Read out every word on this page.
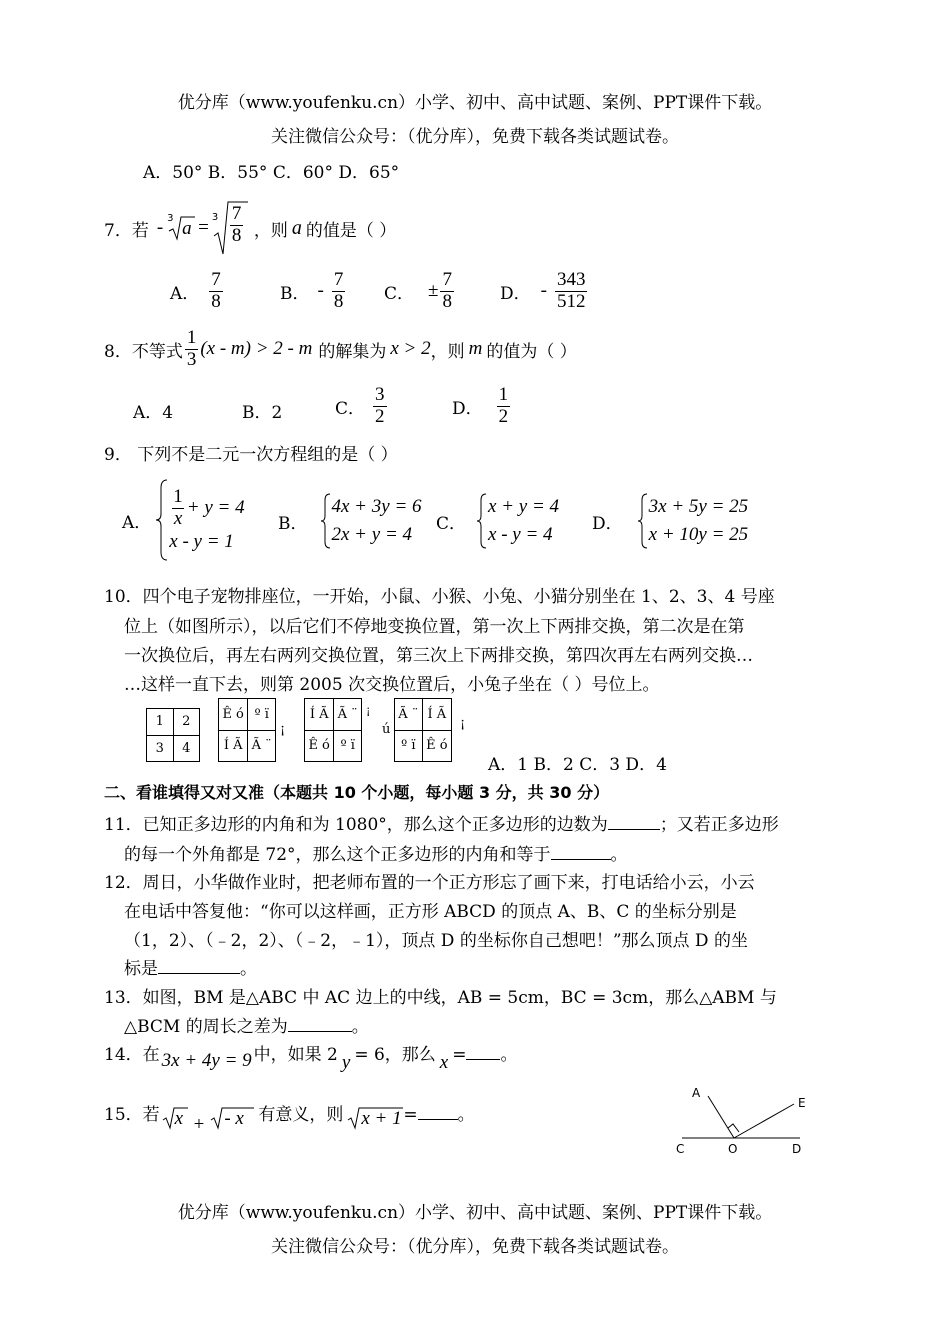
优分库（www.youfenku.cn）小学、初中、高中试题、案例、PPT课件下载。
关注微信公众号：（优分库），免费下载各类试题试卷。
A．50° B．55° C．60° D．65°
7． 若 - 3 $a = 3 \frac{7}{8}$ ，则 a 的值是（ ）
A． $\frac{7}{8}$	B． - $\frac{7}{8}$ C． ± $\frac{7}{8}$	D． - $\frac{343}{512}$
8． 不等式 $\frac{1}{3} (x - m) > 2 - m$ 的解集为 x > 2 ，则 m 的值为（ ）
A．4	B．2	C． $\frac{3}{2}$	D． $\frac{1}{2}$
9． 下列不是二元一次方程组的是（ ）
A． $\frac{1}{x} + y = 4$
x - y = 1
B．
4x + 3y = 6
2x + y = 4
C．
x + y = 4
x - y = 4
D．
3x + 5y = 25
x + 10y = 25
10．四个电子宠物排座位，一开始，小鼠、小猴、小兔、小猫分别坐在 1、2、3、4 号座
位上（如图所示），以后它们不停地变换位置，第一次上下两排交换，第二次是在第
一次换位后，再左右两列交换位置，第三次上下两排交换，第四次再左右两列交换…
…这样一直下去，则第 2005 次交换位置后，小兔子坐在（ ）号位上。
1	2
3	4
Ê ó	º ï
Í Ã	Ã ¨
¡
Í Ã	Ã ¨
Ê ó	º ï
¡
ú
Ã ¨	Í Ã
º ï	Ê ó
¡
A．1 B．2 C．3 D．4
二、看谁填得又对又准（本题共 10 个小题，每小题 3 分，共 30 分）
11．已知正多边形的内角和为 1080°，那么这个正多边形的边数为	；又若正多边形
的每一个外角都是 72°，那么这个正多边形的内角和等于	。
12．周日，小华做作业时，把老师布置的一个正方形忘了画下来，打电话给小云，小云
在电话中答复他：“你可以这样画，正方形 ABCD 的顶点 A、B、C 的坐标分别是
（1，2）、（﹣2，2）、（﹣2，﹣1），顶点 D 的坐标你自己想吧！”那么顶点 D 的坐
标是	。
13．如图，BM 是△ABC 中 AC 边上的中线，AB = 5cm，BC = 3cm，那么△ABM 与
△BCM 的周长之差为	。
14．在 3x + 4y = 9 中，如果 2 y = 6，那么 x = 。
15．若 x + - x 有意义，则 x + 1 = 。
A
E
C	O	D
优分库（www.youfenku.cn）小学、初中、高中试题、案例、PPT课件下载。
关注微信公众号：（优分库），免费下载各类试题试卷。
